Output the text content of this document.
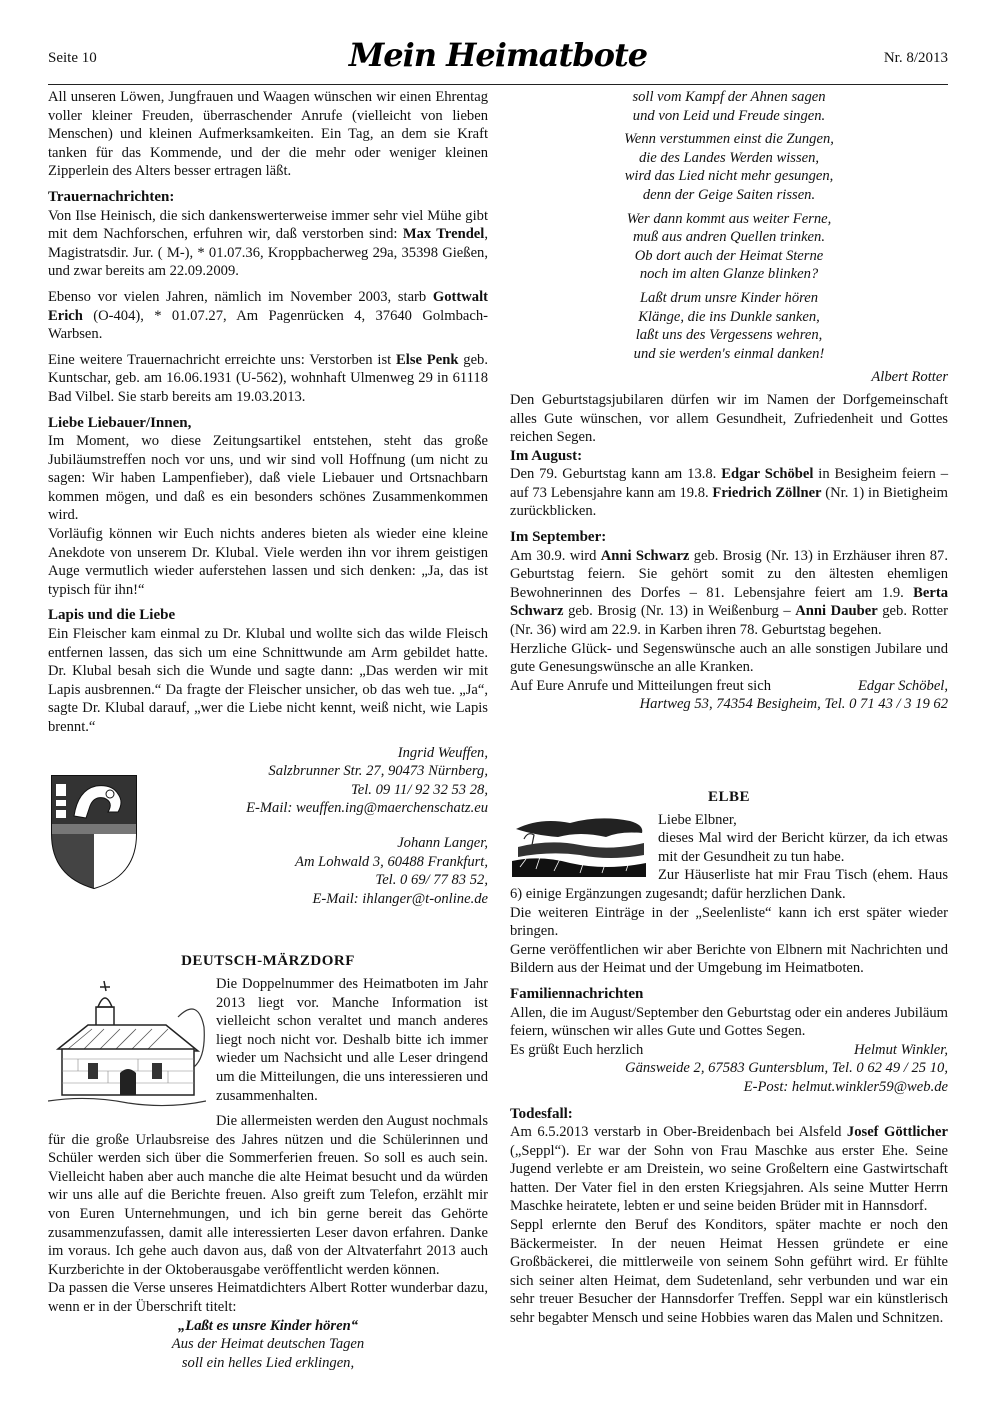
Seite 10	Mein Heimatbote	Nr. 8/2013

All unseren Löwen, Jungfrauen und Waagen wünschen wir einen Ehrentag voller kleiner Freuden, überraschender Anrufe (vielleicht von lieben Menschen) und kleinen Aufmerksamkeiten. Ein Tag, an dem sie Kraft tanken für das Kommende, und der die mehr oder weniger kleinen Zipperlein des Alters besser ertragen läßt.

Trauernachrichten:

Von Ilse Heinisch, die sich dankenswerterweise immer sehr viel Mühe gibt mit dem Nachforschen, erfuhren wir, daß verstorben sind: Max Trendel, Magistratsdir. Jur. ( M-), * 01.07.36, Kroppbacherweg 29a, 35398 Gießen, und zwar bereits am 22.09.2009.

Ebenso vor vielen Jahren, nämlich im November 2003, starb Gottwalt Erich (O-404), * 01.07.27, Am Pagenrücken 4, 37640 Golmbach-Warbsen.

Eine weitere Trauernachricht erreichte uns: Verstorben ist Else Penk geb. Kuntschar, geb. am 16.06.1931 (U-562), wohnhaft Ulmenweg 29 in 61118 Bad Vilbel. Sie starb bereits am 19.03.2013.

Liebe Liebauer/Innen,

Im Moment, wo diese Zeitungsartikel entstehen, steht das große Jubiläumstreffen noch vor uns, und wir sind voll Hoffnung (um nicht zu sagen: Wir haben Lampenfieber), daß viele Liebauer und Ortsnachbarn kommen mögen, und daß es ein besonders schönes Zusammenkommen wird.

Vorläufig können wir Euch nichts anderes bieten als wieder eine kleine Anekdote von unserem Dr. Klubal. Viele werden ihn vor ihrem geistigen Auge vermutlich wieder auferstehen lassen und sich denken: „Ja, das ist typisch für ihn!“

Lapis und die Liebe

Ein Fleischer kam einmal zu Dr. Klubal und wollte sich das wilde Fleisch entfernen lassen, das sich um eine Schnittwunde am Arm gebildet hatte. Dr. Klubal besah sich die Wunde und sagte dann: „Das werden wir mit Lapis ausbrennen.“ Da fragte der Fleischer unsicher, ob das weh tue. „Ja“, sagte Dr. Klubal darauf, „wer die Liebe nicht kennt, weiß nicht, wie Lapis brennt.“

Ingrid Weuffen,

Salzbrunner Str. 27, 90473 Nürnberg,

Tel. 09 11/ 92 32 53 28,

E-Mail: weuffen.ing@maerchenschatz.eu

Johann Langer,

Am Lohwald 3, 60488 Frankfurt,

Tel. 0 69/ 77 83 52,

E-Mail: ihlanger@t-online.de

DEUTSCH-MÄRZDORF

Die Doppelnummer des Heimatboten im Jahr 2013 liegt vor. Manche Information ist vielleicht schon veraltet und manch anderes liegt noch nicht vor. Deshalb bitte ich immer wieder um Nachsicht und alle Leser dringend um die Mitteilungen, die uns interessieren und zusammenhalten.

Die allermeisten werden den August nochmals für die große Urlaubsreise des Jahres nützen und die Schülerinnen und Schüler werden sich über die Sommerferien freuen. So soll es auch sein. Vielleicht haben aber auch manche die alte Heimat besucht und da würden wir uns alle auf die Berichte freuen. Also greift zum Telefon, erzählt mir von Euren Unternehmungen, und ich bin gerne bereit das Gehörte zusammenzufassen, damit alle interessierten Leser davon erfahren. Danke im voraus. Ich gehe auch davon aus, daß von der Altvaterfahrt 2013 auch Kurzberichte in der Oktoberausgabe veröffentlicht werden können.

Da passen die Verse unseres Heimatdichters Albert Rotter wunderbar dazu, wenn er in der Überschrift titelt:

„Laßt es unsre Kinder hören“

Aus der Heimat deutschen Tagen

soll ein helles Lied erklingen,

soll vom Kampf der Ahnen sagen

und von Leid und Freude singen.

Wenn verstummen einst die Zungen,

die des Landes Werden wissen,

wird das Lied nicht mehr gesungen,

denn der Geige Saiten rissen.

Wer dann kommt aus weiter Ferne,

muß aus andren Quellen trinken.

Ob dort auch der Heimat Sterne

noch im alten Glanze blinken?

Laßt drum unsre Kinder hören

Klänge, die ins Dunkle sanken,

laßt uns des Vergessens wehren,

und sie werden's einmal danken!

Albert Rotter

Den Geburtstagsjubilaren dürfen wir im Namen der Dorfgemeinschaft alles Gute wünschen, vor allem Gesundheit, Zufriedenheit und Gottes reichen Segen.

Im August:

Den 79. Geburtstag kann am 13.8. Edgar Schöbel in Besigheim feiern – auf 73 Lebensjahre kann am 19.8. Friedrich Zöllner (Nr. 1) in Bietigheim zurückblicken.

Im September:

Am 30.9. wird Anni Schwarz geb. Brosig (Nr. 13) in Erzhäuser ihren 87. Geburtstag feiern. Sie gehört somit zu den ältesten ehemligen Bewohnerinnen des Dorfes – 81. Lebensjahre feiert am 1.9. Berta Schwarz geb. Brosig (Nr. 13) in Weißenburg – Anni Dauber geb. Rotter (Nr. 36) wird am 22.9. in Karben ihren 78. Geburtstag begehen.

Herzliche Glück- und Segenswünsche auch an alle sonstigen Jubilare und gute Genesungswünsche an alle Kranken.

Auf Eure Anrufe und Mitteilungen freut sich	Edgar Schöbel,

Hartweg 53, 74354 Besigheim, Tel. 0 71 43 / 3 19 62

ELBE

Liebe Elbner,

dieses Mal wird der Bericht kürzer, da ich etwas mit der Gesundheit zu tun habe.

Zur Häuserliste hat mir Frau Tisch (ehem. Haus 6) einige Ergänzungen zugesandt; dafür herzlichen Dank.

Die weiteren Einträge in der „Seelenliste“ kann ich erst später wieder bringen.

Gerne veröffentlichen wir aber Berichte von Elbnern mit Nachrichten und Bildern aus der Heimat und der Umgebung im Heimatboten.

Familiennachrichten

Allen, die im August/September den Geburtstag oder ein anderes Jubiläum feiern, wünschen wir alles Gute und Gottes Segen.

Es grüßt Euch herzlich	Helmut Winkler,

Gänsweide 2, 67583 Guntersblum, Tel. 0 62 49 / 25 10,

E-Post: helmut.winkler59@web.de

Todesfall:

Am 6.5.2013 verstarb in Ober-Breidenbach bei Alsfeld Josef Göttlicher („Seppl“). Er war der Sohn von Frau Maschke aus erster Ehe. Seine Jugend verlebte er am Dreistein, wo seine Großeltern eine Gastwirtschaft hatten. Der Vater fiel in den ersten Kriegsjahren. Als seine Mutter Herrn Maschke heiratete, lebten er und seine beiden Brüder mit in Hannsdorf.

Seppl erlernte den Beruf des Konditors, später machte er noch den Bäckermeister. In der neuen Heimat Hessen gründete er eine Großbäckerei, die mittlerweile von seinem Sohn geführt wird. Er fühlte sich seiner alten Heimat, dem Sudetenland, sehr verbunden und war ein sehr treuer Besucher der Hannsdorfer Treffen. Seppl war ein künstlerisch sehr begabter Mensch und seine Hobbies waren das Malen und Schnitzen.
